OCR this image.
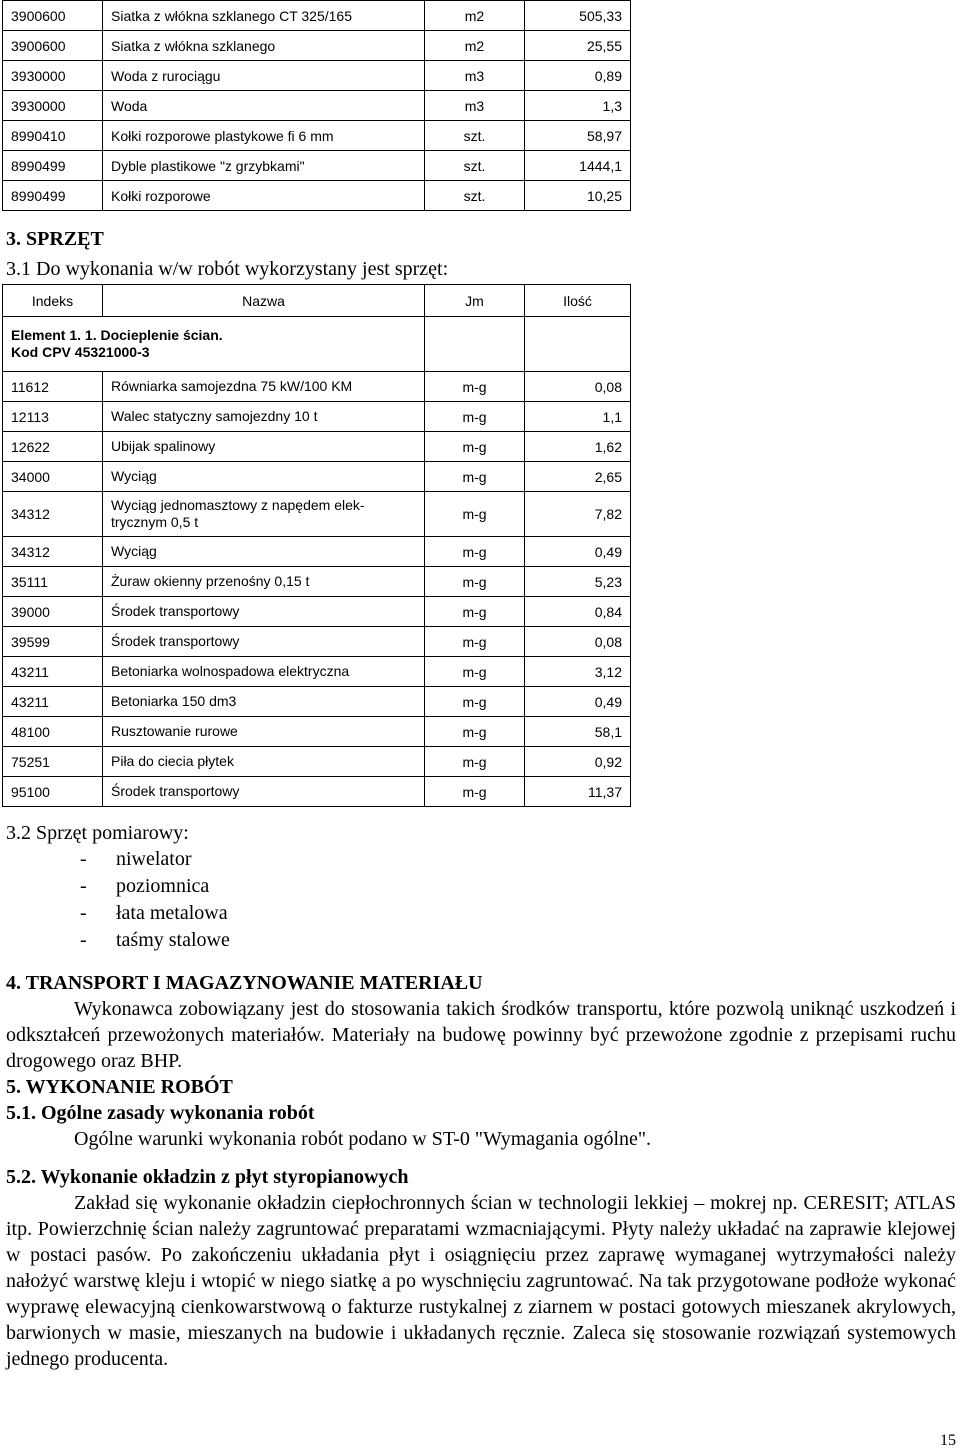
3900600	Siatka z włókna szklanego CT 325/165	m2	505,33
3900600	Siatka z włókna szklanego	m2	25,55
3930000	Woda z rurociągu	m3	0,89
3930000	Woda	m3	1,3
8990410	Kołki rozporowe plastykowe fi 6 mm	szt.	58,97
8990499	Dyble plastikowe "z grzybkami"	szt.	1444,1
8990499	Kołki rozporowe	szt.	10,25
3. SPRZĘT
3.1 Do wykonania w/w robót wykorzystany jest sprzęt:
Indeks	Nazwa	Jm	Ilość

Element 1. 1. Docieplenie ścian.
Kod CPV 45321000-3			

11612	Równiarka samojezdna 75 kW/100 KM	m-g	0,08
12113	Walec statyczny samojezdny 10 t	m-g	1,1
12622	Ubijak spalinowy	m-g	1,62
34000	Wyciąg	m-g	2,65
34312	Wyciąg jednomasztowy z napędem elek-trycznym 0,5 t	m-g	7,82
34312	Wyciąg	m-g	0,49
35111	Żuraw okienny przenośny 0,15 t	m-g	5,23
39000	Środek transportowy	m-g	0,84
39599	Środek transportowy	m-g	0,08
43211	Betoniarka wolnospadowa elektryczna	m-g	3,12
43211	Betoniarka 150 dm3	m-g	0,49
48100	Rusztowanie rurowe	m-g	58,1
75251	Piła do ciecia płytek	m-g	0,92
95100	Środek transportowy	m-g	11,37
3.2 Sprzęt pomiarowy:
- niwelator
- poziomnica
- łata metalowa
- taśmy stalowe
4. TRANSPORT I MAGAZYNOWANIE MATERIAŁU
Wykonawca zobowiązany jest do stosowania takich środków transportu, które pozwolą uniknąć uszkodzeń i odkształceń przewożonych materiałów. Materiały na budowę powinny być przewożone zgodnie z przepisami ruchu drogowego oraz BHP.
5. WYKONANIE ROBÓT
5.1. Ogólne zasady wykonania robót
Ogólne warunki wykonania robót podano w ST-0 "Wymagania ogólne".
5.2. Wykonanie okładzin z płyt styropianowych
Zakład się wykonanie okładzin ciepłochronnych ścian w technologii lekkiej – mokrej np. CERESIT; ATLAS itp. Powierzchnię ścian należy zagruntować preparatami wzmacniającymi. Płyty należy układać na zaprawie klejowej w postaci pasów. Po zakończeniu układania płyt i osiągnięciu przez zaprawę wymaganej wytrzymałości należy nałożyć warstwę kleju i wtopić w niego siatkę a po wyschnięciu zagruntować. Na tak przygotowane podłoże wykonać wyprawę elewacyjną cienkowarstwową o fakturze rustykalnej z ziarnem w postaci gotowych mieszanek akrylowych, barwionych w masie, mieszanych na budowie i układanych ręcznie. Zaleca się stosowanie rozwiązań systemowych jednego producenta.
15
